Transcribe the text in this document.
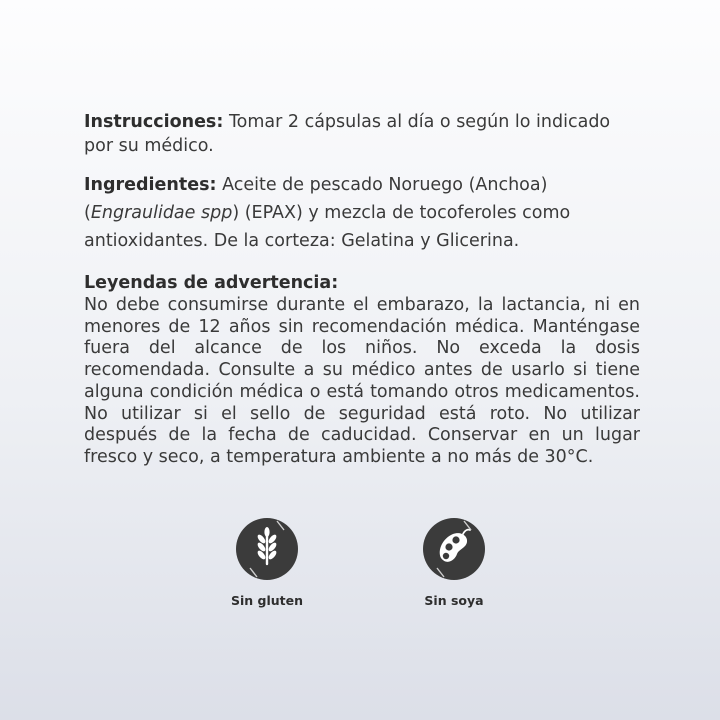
Instrucciones: Tomar 2 cápsulas al día o según lo indicado por su médico.
Ingredientes: Aceite de pescado Noruego (Anchoa) (Engraulidae spp) (EPAX) y mezcla de tocoferoles como antioxidantes. De la corteza: Gelatina y Glicerina.
Leyendas de advertencia:
No debe consumirse durante el embarazo, la lactancia, ni en menores de 12 años sin recomendación médica. Manténgase fuera del alcance de los niños. No exceda la dosis recomendada. Consulte a su médico antes de usarlo si tiene alguna condición médica o está tomando otros medicamentos. No utilizar si el sello de seguridad está roto. No utilizar después de la fecha de caducidad. Conservar en un lugar fresco y seco, a temperatura ambiente a no más de 30°C.
Sin gluten	Sin soya
